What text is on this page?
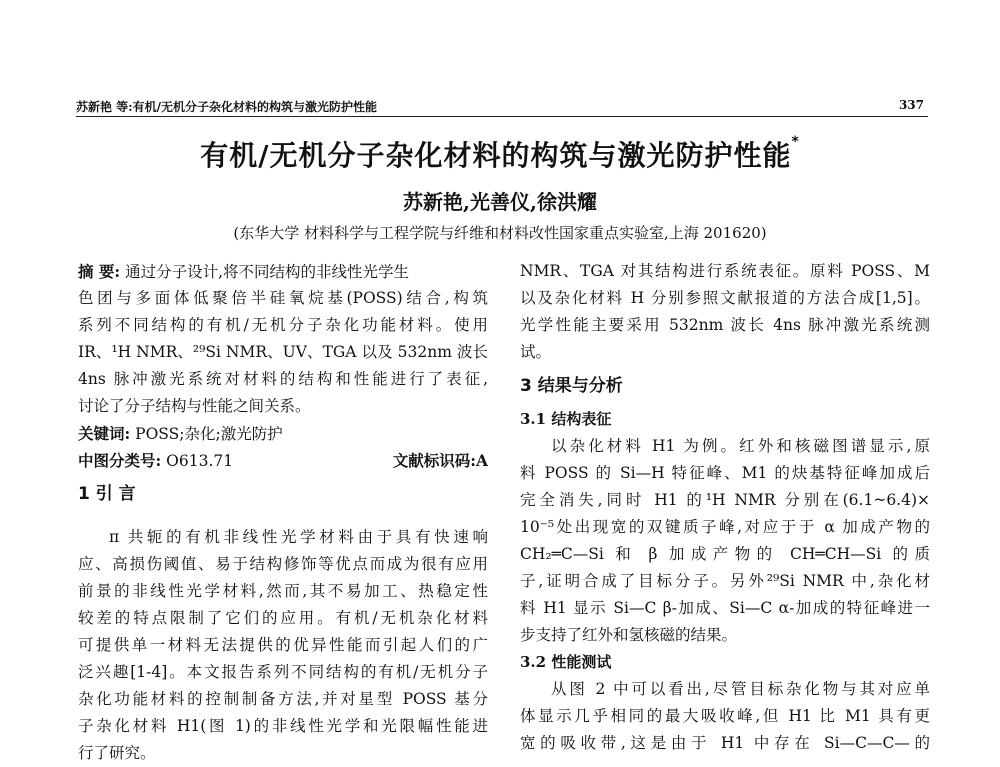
苏新艳 等:有机/无机分子杂化材料的构筑与激光防护性能	337
有机/无机分子杂化材料的构筑与激光防护性能*
苏新艳,光善仪,徐洪耀
(东华大学 材料科学与工程学院与纤维和材料改性国家重点实验室,上海 201620)
摘 要: 通过分子设计,将不同结构的非线性光学生
色团与多面体低聚倍半硅氧烷基(POSS)结合,构筑
系列不同结构的有机/无机分子杂化功能材料。使用
IR、¹H NMR、²⁹Si NMR、UV、TGA 以及 532nm 波长
4ns 脉冲激光系统对材料的结构和性能进行了表征,
讨论了分子结构与性能之间关系。
关键词: POSS;杂化;激光防护
中图分类号: O613.71	文献标识码:A
1 引 言
π 共轭的有机非线性光学材料由于具有快速响
应、高损伤阈值、易于结构修饰等优点而成为很有应用
前景的非线性光学材料,然而,其不易加工、热稳定性
较差的特点限制了它们的应用。有机/无机杂化材料
可提供单一材料无法提供的优异性能而引起人们的广
泛兴趣[1-4]。本文报告系列不同结构的有机/无机分子
杂化功能材料的控制制备方法,并对星型 POSS 基分
子杂化材料 H1(图 1)的非线性光学和光限幅性能进
行了研究。
NMR、TGA 对其结构进行系统表征。原料 POSS、M
以及杂化材料 H 分别参照文献报道的方法合成[1,5]。
光学性能主要采用 532nm 波长 4ns 脉冲激光系统测
试。
3 结果与分析
3.1 结构表征
以杂化材料 H1 为例。红外和核磁图谱显示,原
料 POSS 的 Si—H 特征峰、M1 的炔基特征峰加成后
完全消失,同时 H1 的¹H NMR 分别在(6.1~6.4)×
10⁻⁵处出现宽的双键质子峰,对应于于 α 加成产物的
CH₂═C—Si 和 β 加成产物的 CH═CH—Si 的质
子,证明合成了目标分子。另外²⁹Si NMR 中,杂化材
料 H1 显示 Si—C β-加成、Si—C α-加成的特征峰进一
步支持了红外和氢核磁的结果。
3.2 性能测试
从图 2 中可以看出,尽管目标杂化物与其对应单
体显示几乎相同的最大吸收峰,但 H1 比 M1 具有更
宽的吸收带,这是由于 H1 中存在 Si—C—C—的
